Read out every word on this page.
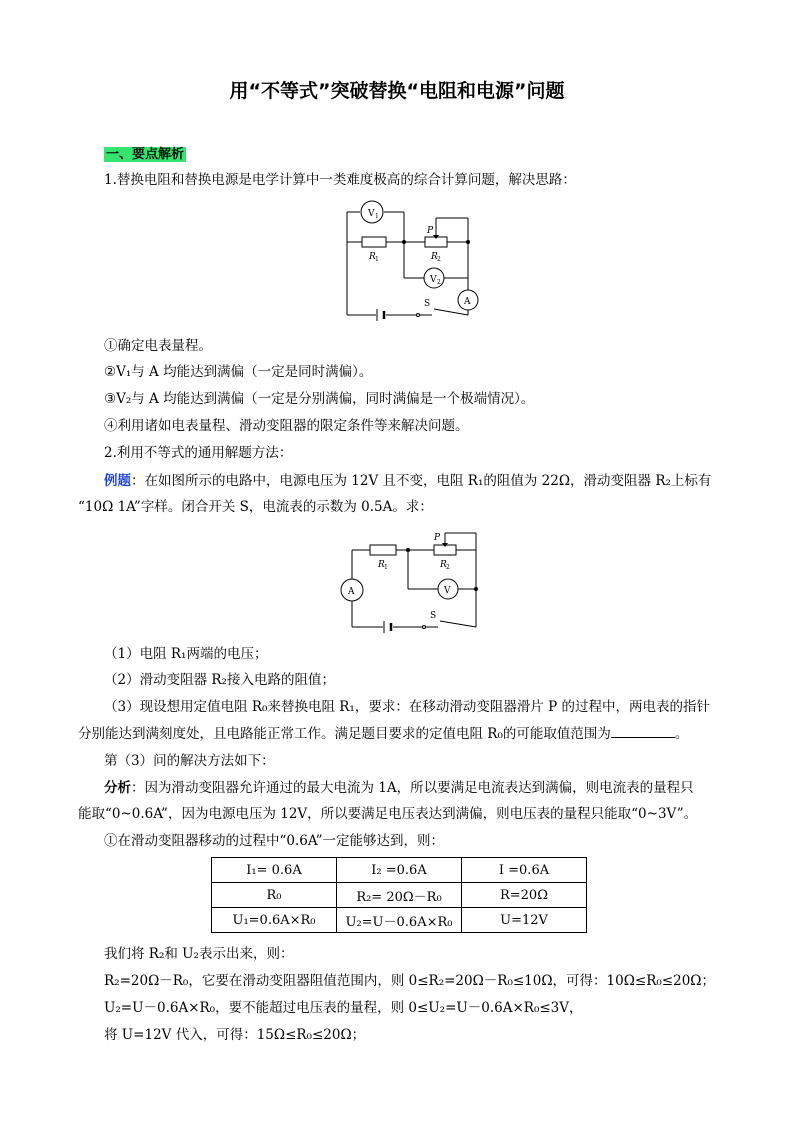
用“不等式”突破替换“电阻和电源”问题
一、要点解析
1.替换电阻和替换电源是电学计算中一类难度极高的综合计算问题，解决思路：
V 1
V 2
A
R 1	R 2
P
S
①确定电表量程。
②V₁与 A 均能达到满偏（一定是同时满偏）。
③V₂与 A 均能达到满偏（一定是分别满偏，同时满偏是一个极端情况）。
④利用诸如电表量程、滑动变阻器的限定条件等来解决问题。
2.利用不等式的通用解题方法：
例题：在如图所示的电路中，电源电压为 12V 且不变，电阻 R₁的阻值为 22Ω，滑动变阻器 R₂上标有
“10Ω 1A”字样。闭合开关 S，电流表的示数为 0.5A。求：
A	V
R 1	R 2
P
S
（1）电阻 R₁两端的电压；
（2）滑动变阻器 R₂接入电路的阻值；
（3）现设想用定值电阻 R₀来替换电阻 R₁，要求：在移动滑动变阻器滑片 P 的过程中，两电表的指针
分别能达到满刻度处，且电路能正常工作。满足题目要求的定值电阻 R₀的可能取值范围为	。
第（3）问的解决方法如下：
分析：因为滑动变阻器允许通过的最大电流为 1A，所以要满足电流表达到满偏，则电流表的量程只
能取“0~0.6A”，因为电源电压为 12V，所以要满足电压表达到满偏，则电压表的量程只能取“0~3V”。
①在滑动变阻器移动的过程中“0.6A”一定能够达到，则：
I₁= 0.6A	I₂ =0.6A	I =0.6A
R₀	R₂= 20Ω－R₀	R=20Ω
U₁=0.6A×R₀	U₂=U－0.6A×R₀	U=12V
我们将 R₂和 U₂表示出来，则：
R₂=20Ω－R₀，它要在滑动变阻器阻值范围内，则 0≤R₂=20Ω－R₀≤10Ω，可得：10Ω≤R₀≤20Ω；
U₂=U－0.6A×R₀，要不能超过电压表的量程，则 0≤U₂=U－0.6A×R₀≤3V，
将 U=12V 代入，可得：15Ω≤R₀≤20Ω；
